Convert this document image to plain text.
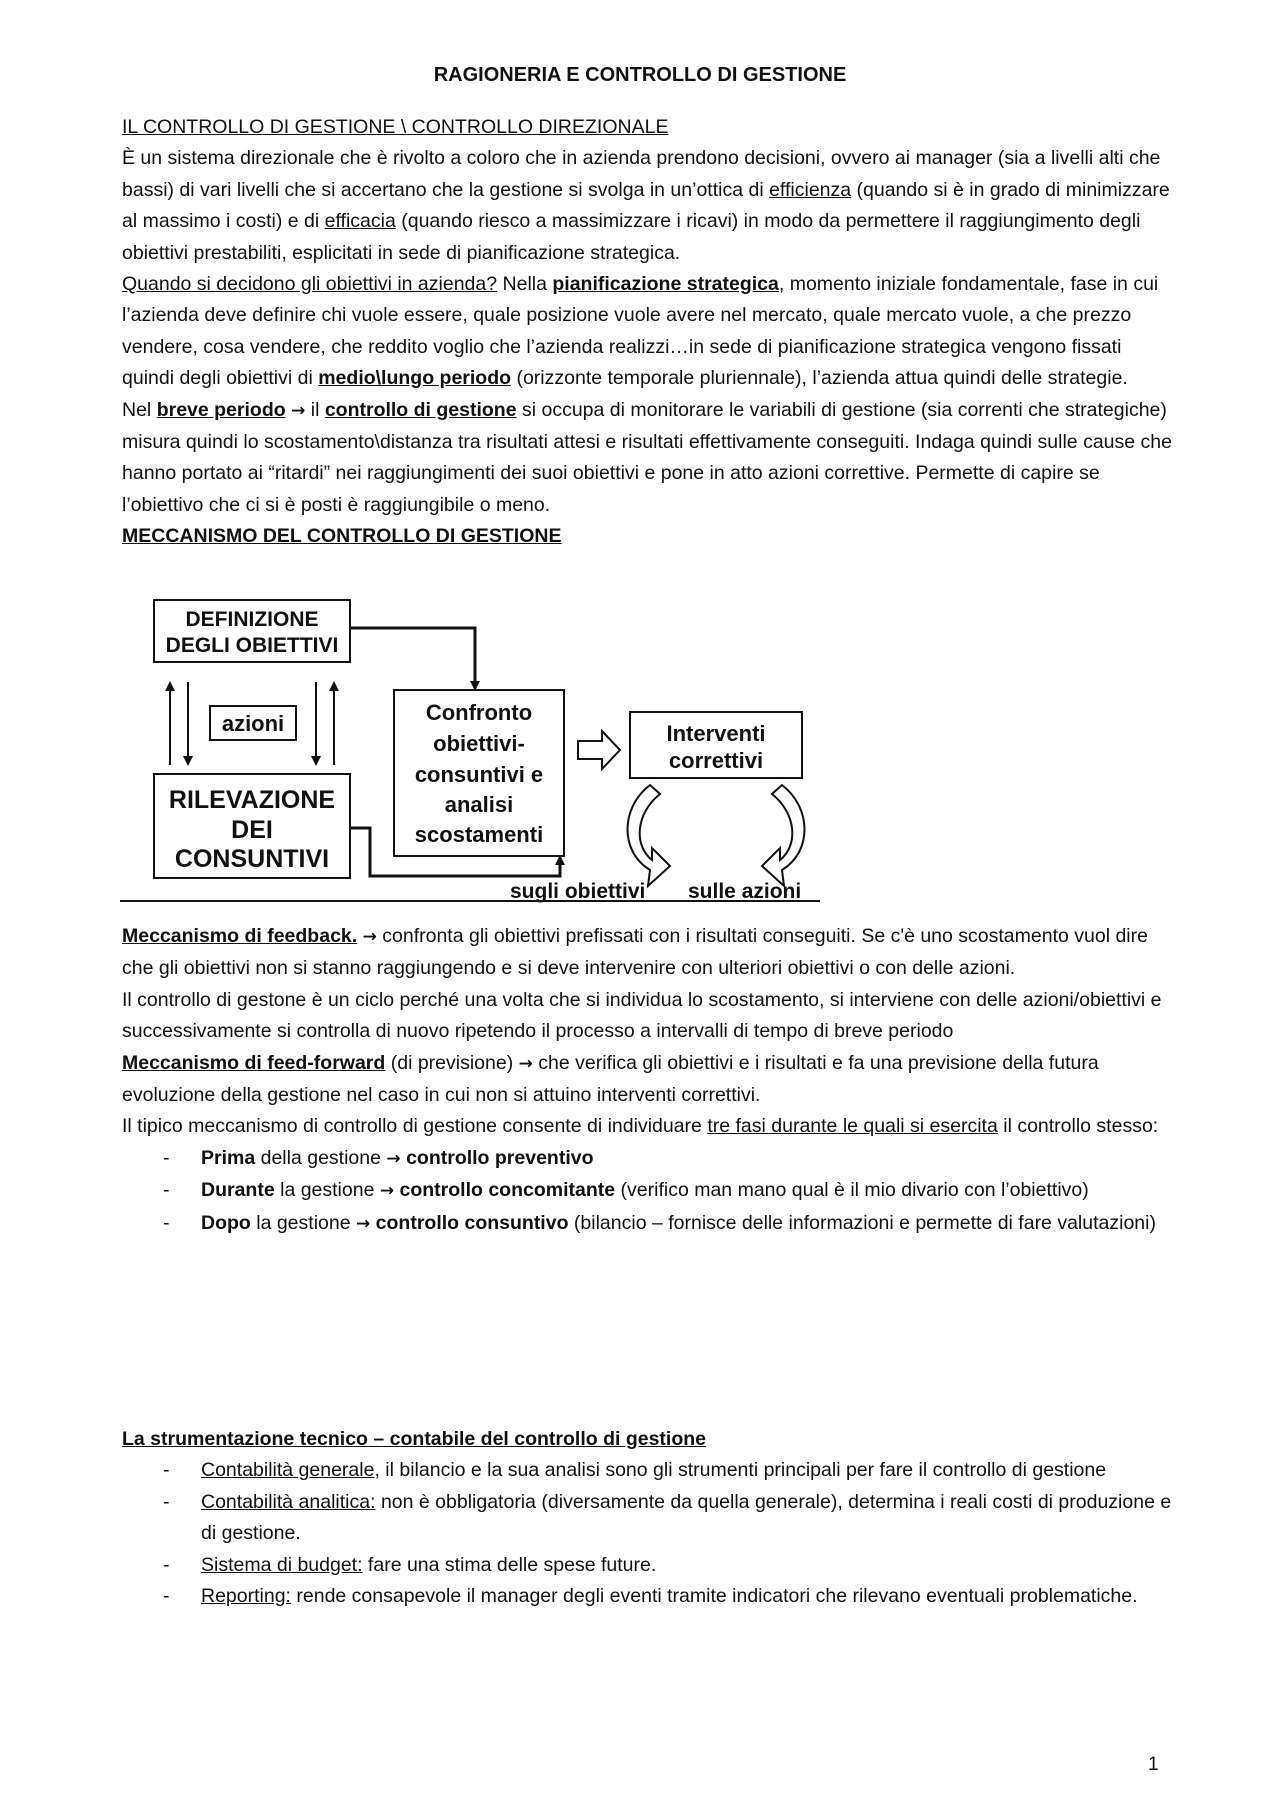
RAGIONERIA E CONTROLLO DI GESTIONE

IL CONTROLLO DI GESTIONE \ CONTROLLO DIREZIONALE

È un sistema direzionale che è rivolto a coloro che in azienda prendono decisioni, ovvero ai manager (sia a livelli alti che bassi) di vari livelli che si accertano che la gestione si svolga in un’ottica di efficienza (quando si è in grado di minimizzare al massimo i costi) e di efficacia (quando riesco a massimizzare i ricavi) in modo da permettere il raggiungimento degli obiettivi prestabiliti, esplicitati in sede di pianificazione strategica.

Quando si decidono gli obiettivi in azienda? Nella pianificazione strategica, momento iniziale fondamentale, fase in cui l’azienda deve definire chi vuole essere, quale posizione vuole avere nel mercato, quale mercato vuole, a che prezzo vendere, cosa vendere, che reddito voglio che l’azienda realizzi…in sede di pianificazione strategica vengono fissati quindi degli obiettivi di medio\lungo periodo (orizzonte temporale pluriennale), l’azienda attua quindi delle strategie.

Nel breve periodo → il controllo di gestione si occupa di monitorare le variabili di gestione (sia correnti che strategiche) misura quindi lo scostamento\distanza tra risultati attesi e risultati effettivamente conseguiti. Indaga quindi sulle cause che hanno portato ai “ritardi” nei raggiungimenti dei suoi obiettivi e pone in atto azioni correttive. Permette di capire se l’obiettivo che ci si è posti è raggiungibile o meno.

MECCANISMO DEL CONTROLLO DI GESTIONE

DEFINIZIONE
DEGLI OBIETTIVI
azioni
RILEVAZIONE
DEI
CONSUNTIVI
Confronto
obiettivi-
consuntivi e
analisi
scostamenti
Interventi
correttivi
sugli obiettivi sulle azioni

Meccanismo di feedback. → confronta gli obiettivi prefissati con i risultati conseguiti. Se c'è uno scostamento vuol dire che gli obiettivi non si stanno raggiungendo e si deve intervenire con ulteriori obiettivi o con delle azioni.

Il controllo di gestone è un ciclo perché una volta che si individua lo scostamento, si interviene con delle azioni/obiettivi e successivamente si controlla di nuovo ripetendo il processo a intervalli di tempo di breve periodo

Meccanismo di feed-forward (di previsione) → che verifica gli obiettivi e i risultati e fa una previsione della futura evoluzione della gestione nel caso in cui non si attuino interventi correttivi.

Il tipico meccanismo di controllo di gestione consente di individuare tre fasi durante le quali si esercita il controllo stesso:

- Prima della gestione → controllo preventivo
- Durante la gestione → controllo concomitante (verifico man mano qual è il mio divario con l’obiettivo)
- Dopo la gestione → controllo consuntivo (bilancio – fornisce delle informazioni e permette di fare valutazioni)

La strumentazione tecnico – contabile del controllo di gestione

- Contabilità generale, il bilancio e la sua analisi sono gli strumenti principali per fare il controllo di gestione
- Contabilità analitica: non è obbligatoria (diversamente da quella generale), determina i reali costi di produzione e di gestione.
- Sistema di budget: fare una stima delle spese future.
- Reporting: rende consapevole il manager degli eventi tramite indicatori che rilevano eventuali problematiche.
1
